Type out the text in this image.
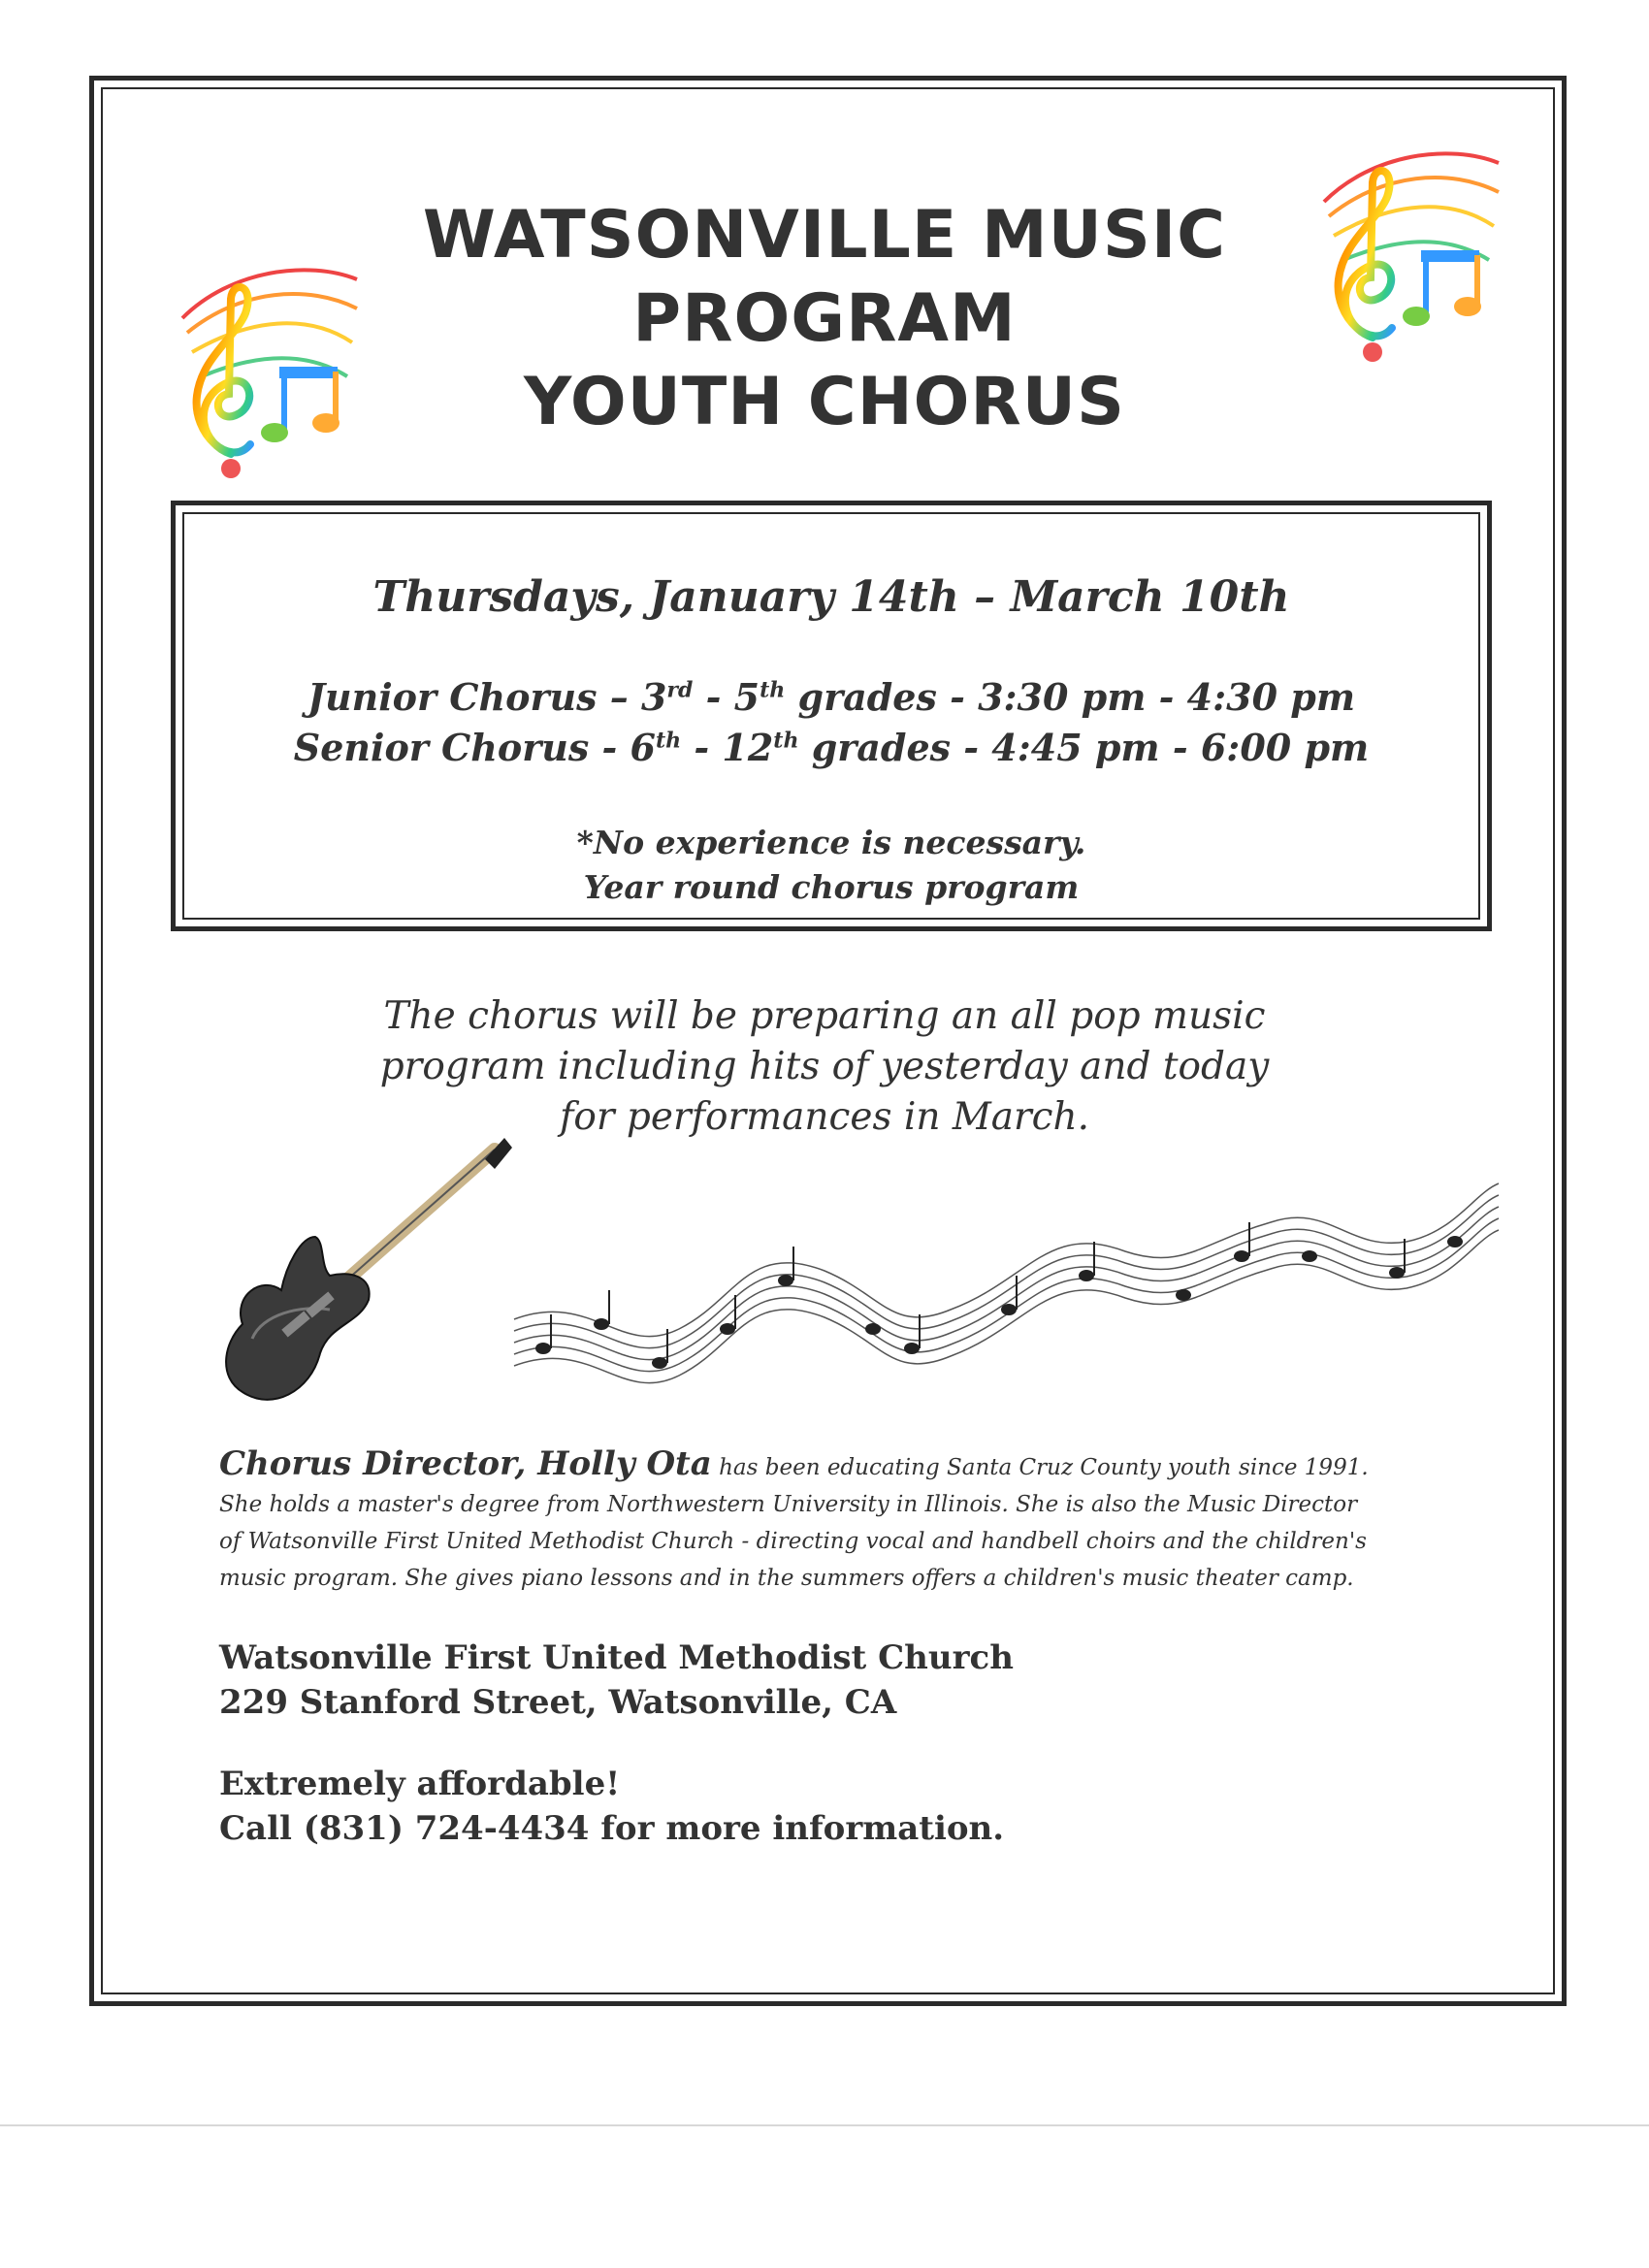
WATSONVILLE MUSIC
PROGRAM
YOUTH CHORUS
Thursdays, January 14th – March 10th
Junior Chorus – 3rd - 5th grades - 3:30 pm - 4:30 pm
Senior Chorus - 6th - 12th grades - 4:45 pm - 6:00 pm
*No experience is necessary.
Year round chorus program
The chorus will be preparing an all pop music
program including hits of yesterday and today
for performances in March.
Chorus Director, Holly Ota has been educating Santa Cruz County youth since 1991.
She holds a master's degree from Northwestern University in Illinois. She is also the Music Director
of Watsonville First United Methodist Church - directing vocal and handbell choirs and the children's
music program. She gives piano lessons and in the summers offers a children's music theater camp.
Watsonville First United Methodist Church
229 Stanford Street, Watsonville, CA
Extremely affordable!
Call (831) 724-4434 for more information.
